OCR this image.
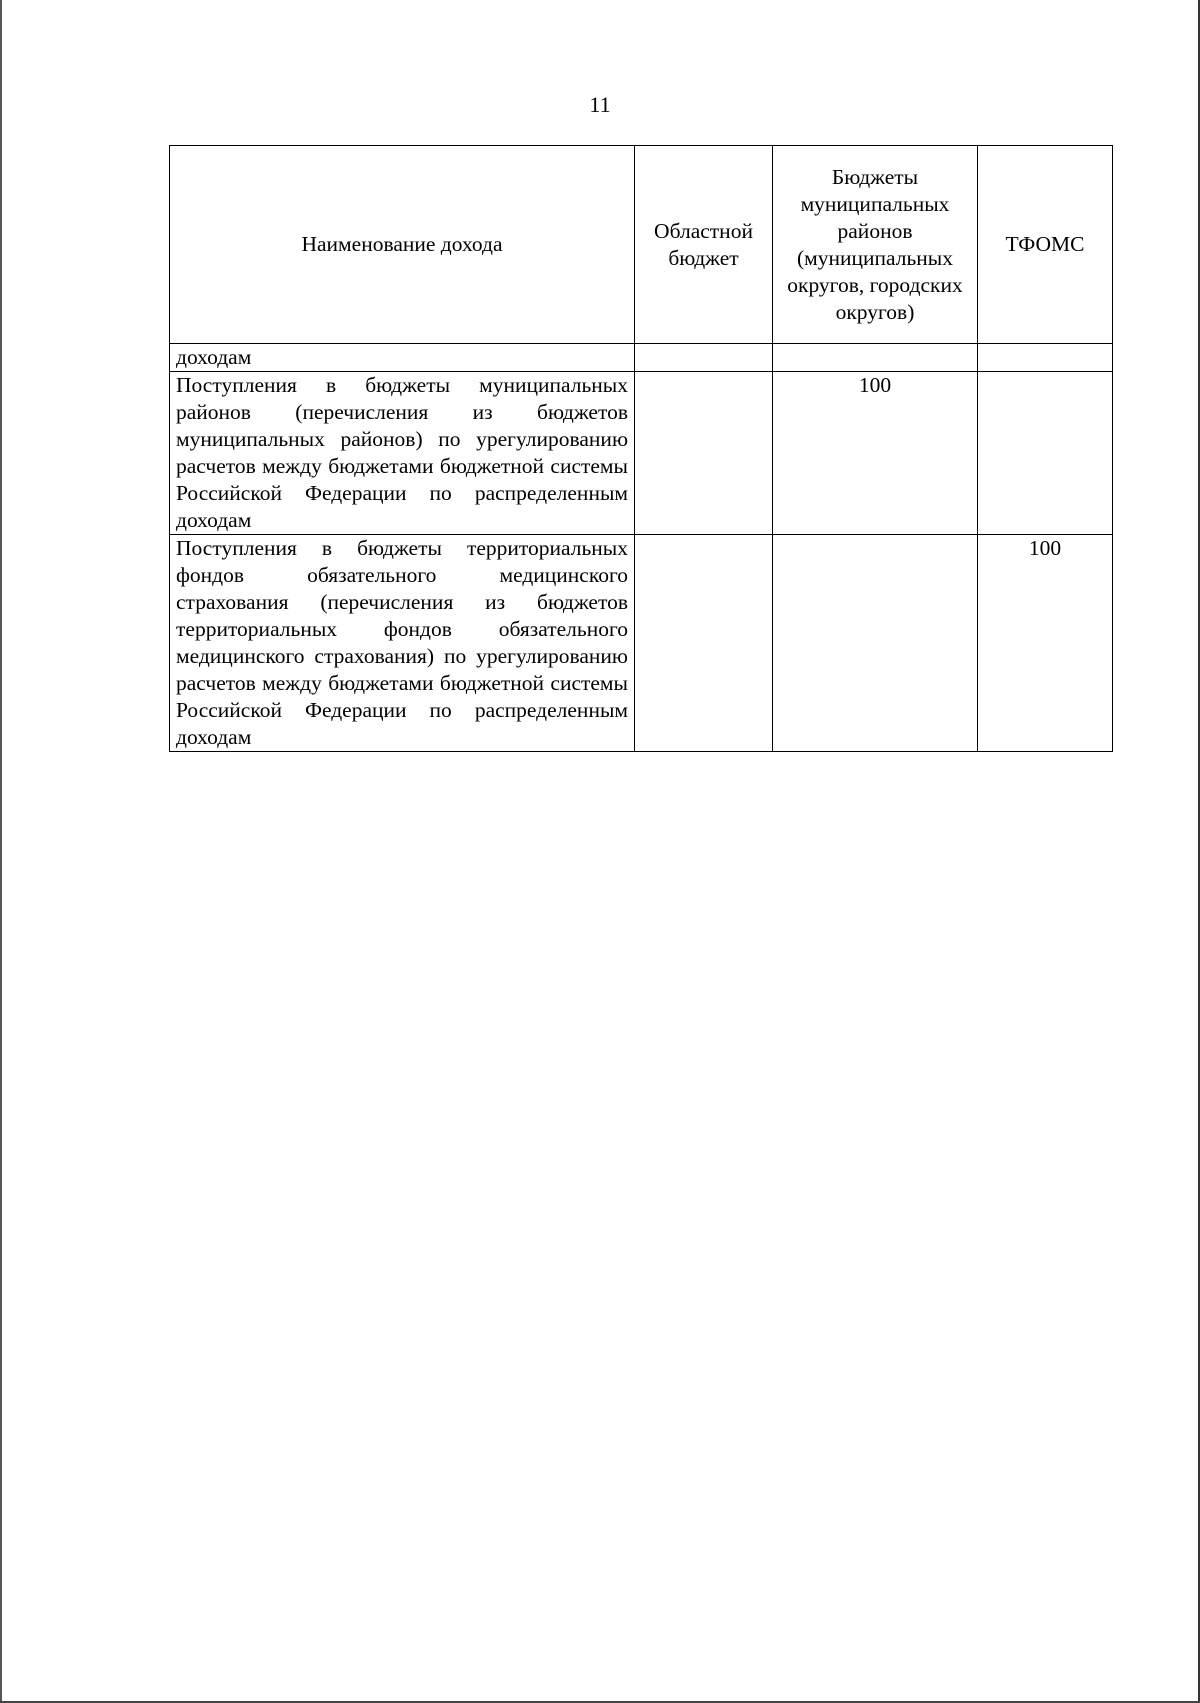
11
Наименование дохода	Областной бюджет	Бюджеты муниципальных районов (муниципальных округов, городских округов)	ТФОМС
доходам			
Поступления в бюджеты муниципальных районов (перечисления из бюджетов муниципальных районов) по урегулированию расчетов между бюджетами бюджетной системы Российской Федерации по распределенным доходам		100	
Поступления в бюджеты территориальных фондов обязательного медицинского страхования (перечисления из бюджетов территориальных фондов обязательного медицинского страхования) по урегулированию расчетов между бюджетами бюджетной системы Российской Федерации по распределенным доходам			100
